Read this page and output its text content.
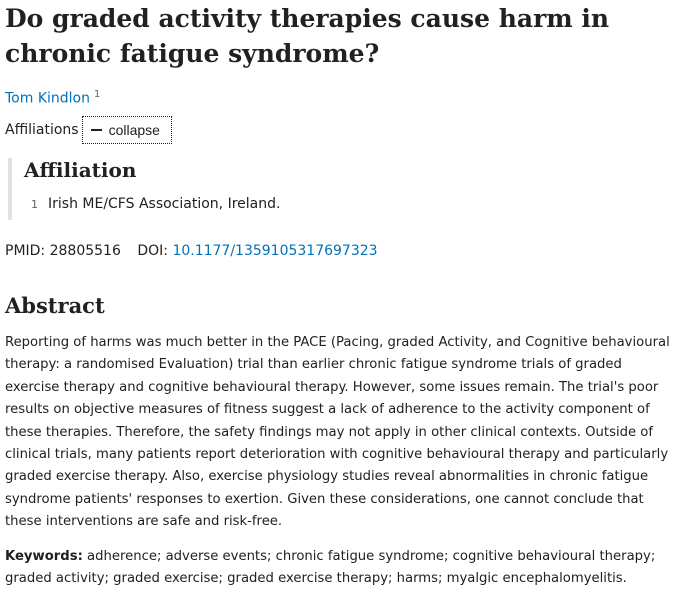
Do graded activity therapies cause harm in chronic fatigue syndrome?
Tom Kindlon $^1$
Affiliations collapse
Affiliation
1 Irish ME/CFS Association, Ireland.
PMID: 28805516 DOI: 10.1177/1359105317697323
Abstract

Reporting of harms was much better in the PACE (Pacing, graded Activity, and Cognitive behavioural therapy: a randomised Evaluation) trial than earlier chronic fatigue syndrome trials of graded exercise therapy and cognitive behavioural therapy. However, some issues remain. The trial's poor results on objective measures of fitness suggest a lack of adherence to the activity component of these therapies. Therefore, the safety findings may not apply in other clinical contexts. Outside of clinical trials, many patients report deterioration with cognitive behavioural therapy and particularly graded exercise therapy. Also, exercise physiology studies reveal abnormalities in chronic fatigue syndrome patients' responses to exertion. Given these considerations, one cannot conclude that these interventions are safe and risk-free.

Keywords: adherence; adverse events; chronic fatigue syndrome; cognitive behavioural therapy; graded activity; graded exercise; graded exercise therapy; harms; myalgic encephalomyelitis.
